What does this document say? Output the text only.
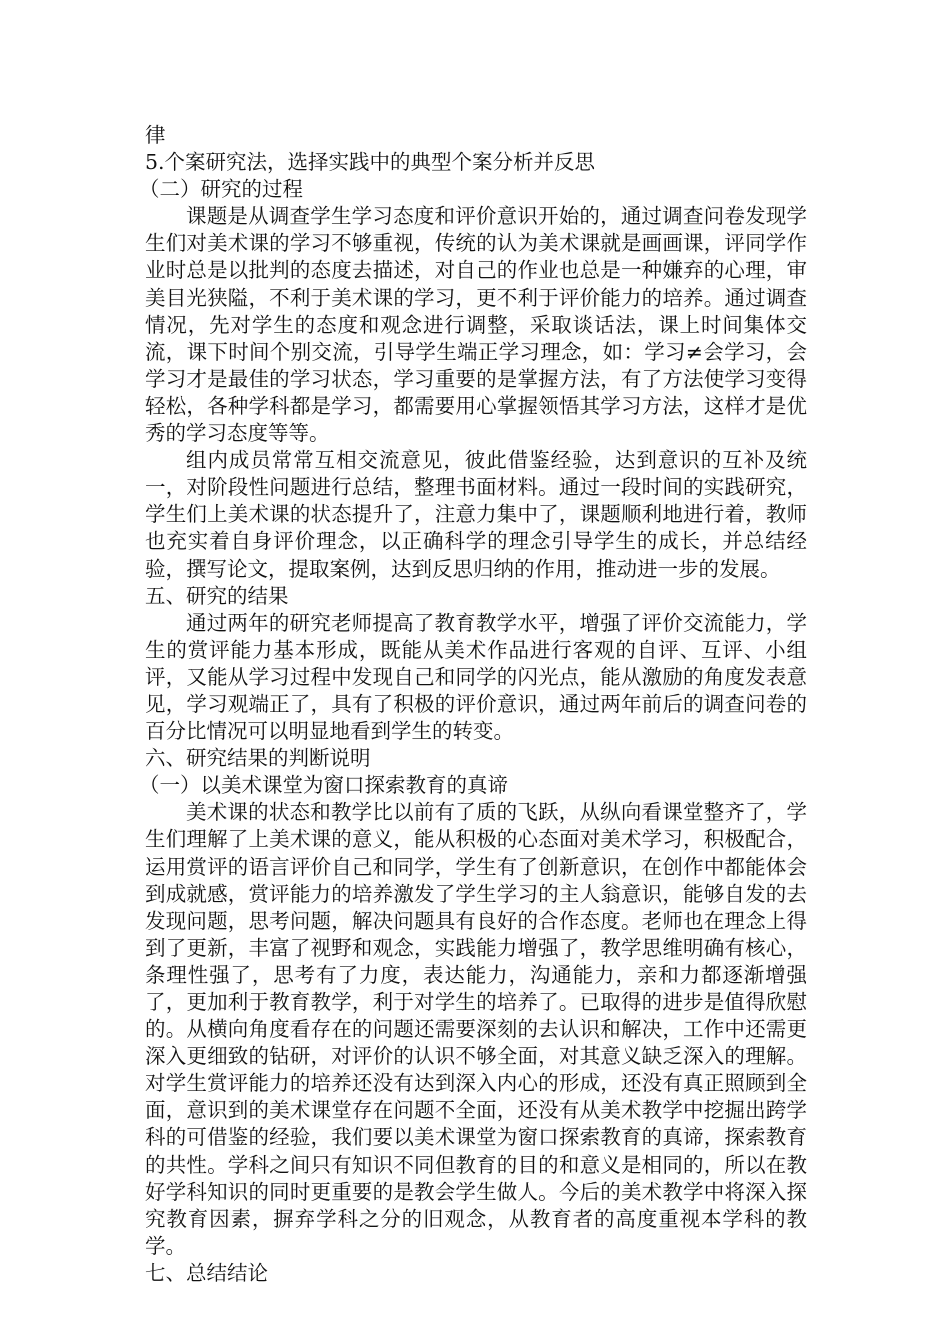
律

5.个案研究法，选择实践中的典型个案分析并反思

（二）研究的过程

课题是从调查学生学习态度和评价意识开始的，通过调查问卷发现学生们对美术课的学习不够重视，传统的认为美术课就是画画课，评同学作业时总是以批判的态度去描述，对自己的作业也总是一种嫌弃的心理，审美目光狭隘，不利于美术课的学习，更不利于评价能力的培养。通过调查情况，先对学生的态度和观念进行调整，采取谈话法，课上时间集体交流，课下时间个别交流，引导学生端正学习理念，如：学习≠会学习，会学习才是最佳的学习状态，学习重要的是掌握方法，有了方法使学习变得轻松，各种学科都是学习，都需要用心掌握领悟其学习方法，这样才是优秀的学习态度等等。

组内成员常常互相交流意见，彼此借鉴经验，达到意识的互补及统一，对阶段性问题进行总结，整理书面材料。通过一段时间的实践研究，学生们上美术课的状态提升了，注意力集中了，课题顺利地进行着，教师也充实着自身评价理念，以正确科学的理念引导学生的成长，并总结经验，撰写论文，提取案例，达到反思归纳的作用，推动进一步的发展。

五、研究的结果

通过两年的研究老师提高了教育教学水平，增强了评价交流能力，学生的赏评能力基本形成，既能从美术作品进行客观的自评、互评、小组评，又能从学习过程中发现自己和同学的闪光点，能从激励的角度发表意见，学习观端正了，具有了积极的评价意识，通过两年前后的调查问卷的百分比情况可以明显地看到学生的转变。

六、研究结果的判断说明

（一）以美术课堂为窗口探索教育的真谛

美术课的状态和教学比以前有了质的飞跃，从纵向看课堂整齐了，学生们理解了上美术课的意义，能从积极的心态面对美术学习，积极配合，运用赏评的语言评价自己和同学，学生有了创新意识，在创作中都能体会到成就感，赏评能力的培养激发了学生学习的主人翁意识，能够自发的去发现问题，思考问题，解决问题具有良好的合作态度。老师也在理念上得到了更新，丰富了视野和观念，实践能力增强了，教学思维明确有核心，条理性强了，思考有了力度，表达能力，沟通能力，亲和力都逐渐增强了，更加利于教育教学，利于对学生的培养了。已取得的进步是值得欣慰的。从横向角度看存在的问题还需要深刻的去认识和解决，工作中还需更深入更细致的钻研，对评价的认识不够全面，对其意义缺乏深入的理解。对学生赏评能力的培养还没有达到深入内心的形成，还没有真正照顾到全面，意识到的美术课堂存在问题不全面，还没有从美术教学中挖掘出跨学科的可借鉴的经验，我们要以美术课堂为窗口探索教育的真谛，探索教育的共性。学科之间只有知识不同但教育的目的和意义是相同的，所以在教好学科知识的同时更重要的是教会学生做人。今后的美术教学中将深入探究教育因素，摒弃学科之分的旧观念，从教育者的高度重视本学科的教学。

七、总结结论
